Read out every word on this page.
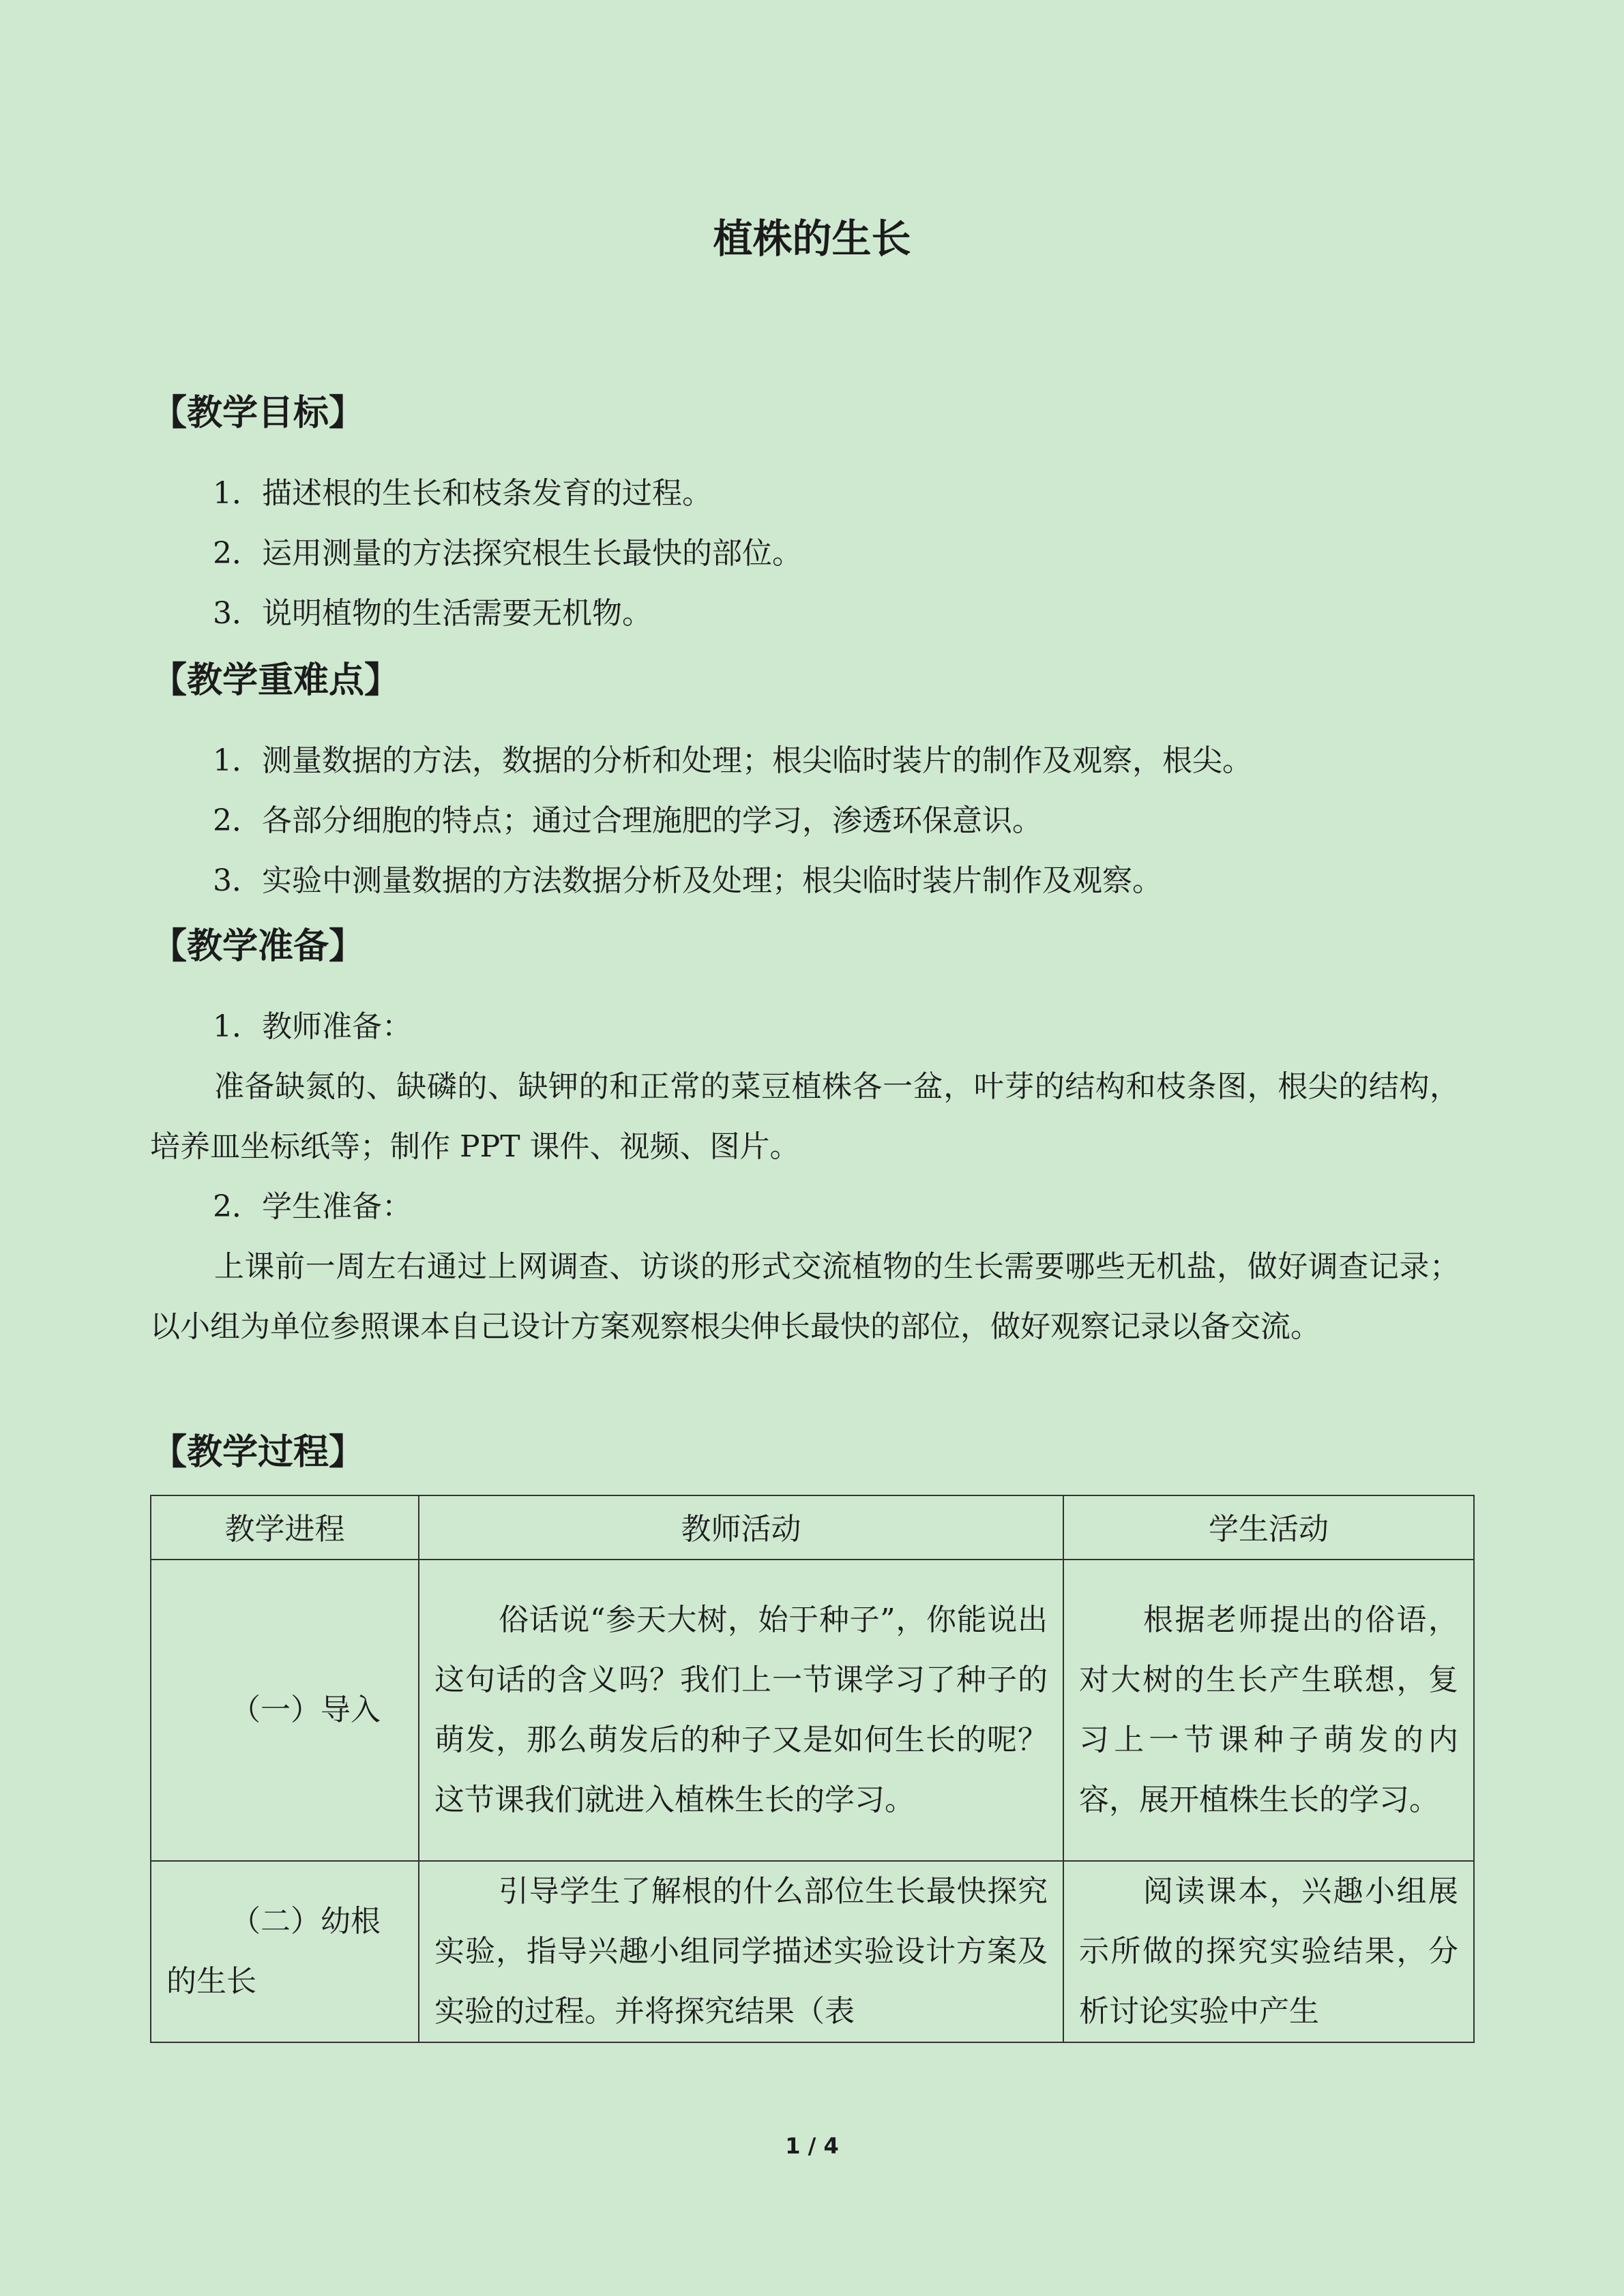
植株的生长
【教学目标】
1．描述根的生长和枝条发育的过程。
2．运用测量的方法探究根生长最快的部位。
3．说明植物的生活需要无机物。
【教学重难点】
1．测量数据的方法，数据的分析和处理；根尖临时装片的制作及观察，根尖。
2．各部分细胞的特点；通过合理施肥的学习，渗透环保意识。
3．实验中测量数据的方法数据分析及处理；根尖临时装片制作及观察。
【教学准备】
1．教师准备：
准备缺氮的、缺磷的、缺钾的和正常的菜豆植株各一盆，叶芽的结构和枝条图，根尖的结构，培养皿坐标纸等；制作 PPT 课件、视频、图片。
2．学生准备：
上课前一周左右通过上网调查、访谈的形式交流植物的生长需要哪些无机盐，做好调查记录；以小组为单位参照课本自己设计方案观察根尖伸长最快的部位，做好观察记录以备交流。
【教学过程】
教学进程	教师活动	学生活动

（一）导入	俗话说“参天大树，始于种子”，你能说出这句话的含义吗？我们上一节课学习了种子的萌发，那么萌发后的种子又是如何生长的呢？这节课我们就进入植株生长的学习。	根据老师提出的俗语，对大树的生长产生联想，复习上一节课种子萌发的内容，展开植株生长的学习。

（二）幼根的生长	引导学生了解根的什么部位生长最快探究实验，指导兴趣小组同学描述实验设计方案及实验的过程。并将探究结果（表	阅读课本，兴趣小组展示所做的探究实验结果，分析讨论实验中产生
1 / 4
